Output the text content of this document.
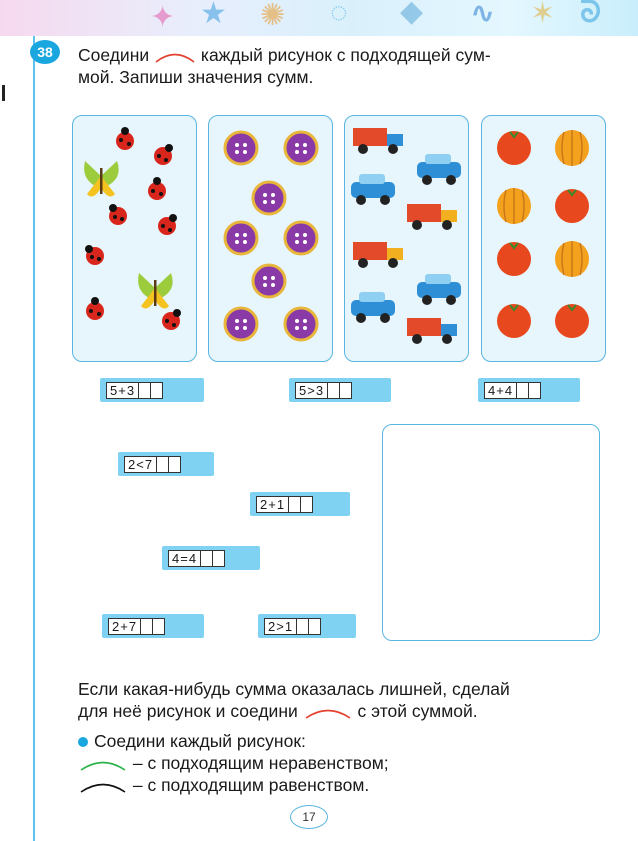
✦ ★ ✺ ◌ ◆ ∿ ✶ ᘐ
38	Соедини	каждый рисунок с подходящей сум-
мой. Запиши значения сумм.
5+3	5>3	4+4
2<7
2+1
4=4
2+7	2>1
Если какая-нибудь сумма оказалась лишней, сделай
для неё рисунок и соедини	с этой суммой.
Соедини каждый рисунок:
– с подходящим неравенством;
– с подходящим равенством.
17
